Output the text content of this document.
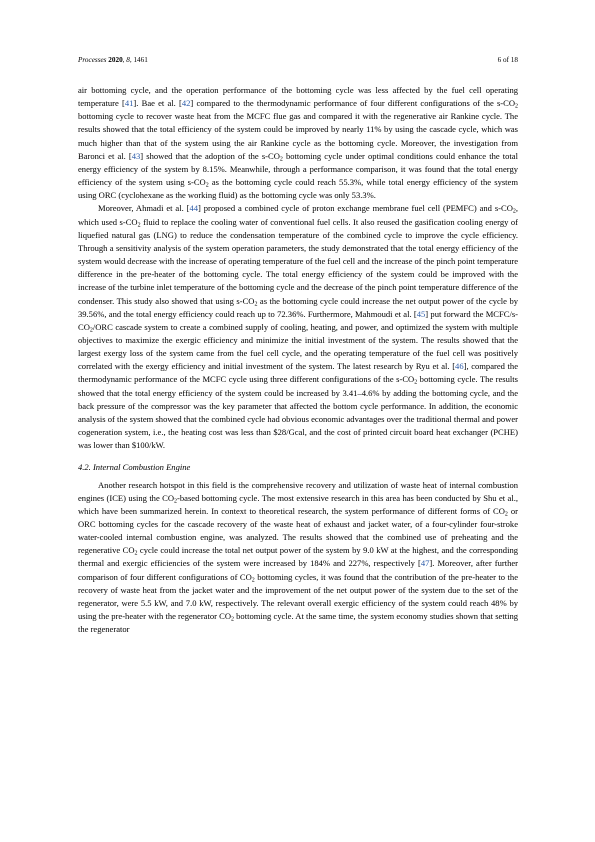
Processes 2020, 8, 1461	6 of 18

air bottoming cycle, and the operation performance of the bottoming cycle was less affected by the fuel cell operating temperature [41]. Bae et al. [42] compared to the thermodynamic performance of four different configurations of the $s-CO_2$ bottoming cycle to recover waste heat from the MCFC flue gas and compared it with the regenerative air Rankine cycle. The results showed that the total efficiency of the system could be improved by nearly 11% by using the cascade cycle, which was much higher than that of the system using the air Rankine cycle as the bottoming cycle. Moreover, the investigation from Baronci et al. [43] showed that the adoption of the $s-CO_2$ bottoming cycle under optimal conditions could enhance the total energy efficiency of the system by 8.15%. Meanwhile, through a performance comparison, it was found that the total energy efficiency of the system using $s-CO_2$ as the bottoming cycle could reach 55.3%, while total energy efficiency of the system using ORC (cyclohexane as the working fluid) as the bottoming cycle was only 53.3%.

Moreover, Ahmadi et al. [44] proposed a combined cycle of proton exchange membrane fuel cell (PEMFC) and $s-CO_2$, which used $s-CO_2$ fluid to replace the cooling water of conventional fuel cells. It also reused the gasification cooling energy of liquefied natural gas (LNG) to reduce the condensation temperature of the combined cycle to improve the cycle efficiency. Through a sensitivity analysis of the system operation parameters, the study demonstrated that the total energy efficiency of the system would decrease with the increase of operating temperature of the fuel cell and the increase of the pinch point temperature difference in the pre-heater of the bottoming cycle. The total energy efficiency of the system could be improved with the increase of the turbine inlet temperature of the bottoming cycle and the decrease of the pinch point temperature difference of the condenser. This study also showed that using $s-CO_2$ as the bottoming cycle could increase the net output power of the cycle by 39.56%, and the total energy efficiency could reach up to 72.36%. Furthermore, Mahmoudi et al. [45] put forward the MCFC/$s-CO_2$/ORC cascade system to create a combined supply of cooling, heating, and power, and optimized the system with multiple objectives to maximize the exergic efficiency and minimize the initial investment of the system. The results showed that the largest exergy loss of the system came from the fuel cell cycle, and the operating temperature of the fuel cell was positively correlated with the exergy efficiency and initial investment of the system. The latest research by Ryu et al. [46], compared the thermodynamic performance of the MCFC cycle using three different configurations of the $s-CO_2$ bottoming cycle. The results showed that the total energy efficiency of the system could be increased by 3.41–4.6% by adding the bottoming cycle, and the back pressure of the compressor was the key parameter that affected the bottom cycle performance. In addition, the economic analysis of the system showed that the combined cycle had obvious economic advantages over the traditional thermal and power cogeneration system, i.e., the heating cost was less than $28/Gcal, and the cost of printed circuit board heat exchanger (PCHE) was lower than $100/kW.

4.2. Internal Combustion Engine

Another research hotspot in this field is the comprehensive recovery and utilization of waste heat of internal combustion engines (ICE) using the $CO_2$-based bottoming cycle. The most extensive research in this area has been conducted by Shu et al., which have been summarized herein. In context to theoretical research, the system performance of different forms of $CO_2$ or ORC bottoming cycles for the cascade recovery of the waste heat of exhaust and jacket water, of a four-cylinder four-stroke water-cooled internal combustion engine, was analyzed. The results showed that the combined use of preheating and the regenerative $CO_2$ cycle could increase the total net output power of the system by 9.0 kW at the highest, and the corresponding thermal and exergic efficiencies of the system were increased by 184% and 227%, respectively [47]. Moreover, after further comparison of four different configurations of $CO_2$ bottoming cycles, it was found that the contribution of the pre-heater to the recovery of waste heat from the jacket water and the improvement of the net output power of the system due to the set of the regenerator, were 5.5 kW, and 7.0 kW, respectively. The relevant overall exergic efficiency of the system could reach 48% by using the pre-heater with the regenerator $CO_2$ bottoming cycle. At the same time, the system economy studies shown that setting the regenerator
